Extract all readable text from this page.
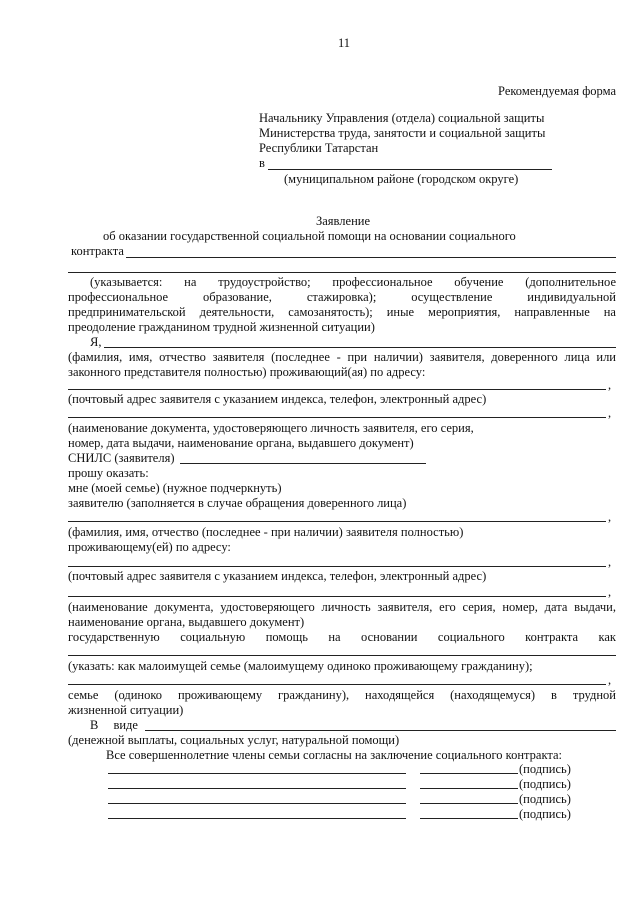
11
Рекомендуемая форма
Начальнику Управления (отдела) социальной защиты
Министерства труда, занятости и социальной защиты
Республики Татарстан
в
(муниципальном районе (городском округе)
Заявление
об оказании государственной социальной помощи на основании социального
контракта
(указывается: на трудоустройство; профессиональное обучение (дополнительное
профессиональное образование, стажировка); осуществление индивидуальной
предпринимательской деятельности, самозанятость); иные мероприятия, направленные на
преодоление гражданином трудной жизненной ситуации)
Я,
(фамилия, имя, отчество заявителя (последнее - при наличии) заявителя, доверенного лица или
законного представителя полностью) проживающий(ая) по адресу:
,
(почтовый адрес заявителя с указанием индекса, телефон, электронный адрес)
,
(наименование документа, удостоверяющего личность заявителя, его серия,
номер, дата выдачи, наименование органа, выдавшего документ)
СНИЛС (заявителя)
прошу оказать:
мне (моей семье) (нужное подчеркнуть)
заявителю (заполняется в случае обращения доверенного лица)
,
(фамилия, имя, отчество (последнее - при наличии) заявителя полностью)
проживающему(ей) по адресу:
,
(почтовый адрес заявителя с указанием индекса, телефон, электронный адрес)
,
(наименование документа, удостоверяющего личность заявителя, его серия, номер, дата выдачи,
наименование органа, выдавшего документ)
государственную социальную помощь на основании социального контракта как
(указать: как малоимущей семье (малоимущему одиноко проживающему гражданину);
,
семье (одиноко проживающему гражданину), находящейся (находящемуся) в трудной
жизненной ситуации)
В виде
(денежной выплаты, социальных услуг, натуральной помощи)
Все совершеннолетние члены семьи согласны на заключение социального контракта:
(подпись)
(подпись)
(подпись)
(подпись)
